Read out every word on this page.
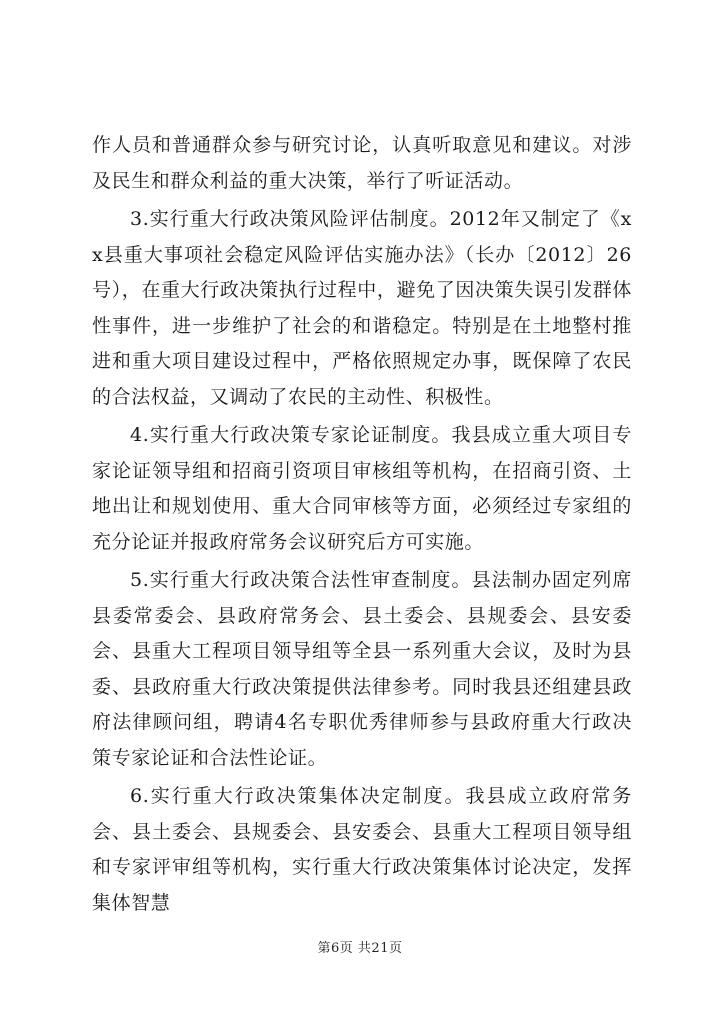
作人员和普通群众参与研究讨论，认真听取意见和建议。对涉及民生和群众利益的重大决策，举行了听证活动。

3.实行重大行政决策风险评估制度。2012年又制定了《xx县重大事项社会稳定风险评估实施办法》（长办〔2012〕26号），在重大行政决策执行过程中，避免了因决策失误引发群体性事件，进一步维护了社会的和谐稳定。特别是在土地整村推进和重大项目建设过程中，严格依照规定办事，既保障了农民的合法权益，又调动了农民的主动性、积极性。

4.实行重大行政决策专家论证制度。我县成立重大项目专家论证领导组和招商引资项目审核组等机构，在招商引资、土地出让和规划使用、重大合同审核等方面，必须经过专家组的充分论证并报政府常务会议研究后方可实施。

5.实行重大行政决策合法性审查制度。县法制办固定列席县委常委会、县政府常务会、县土委会、县规委会、县安委会、县重大工程项目领导组等全县一系列重大会议，及时为县委、县政府重大行政决策提供法律参考。同时我县还组建县政府法律顾问组，聘请4名专职优秀律师参与县政府重大行政决策专家论证和合法性论证。

6.实行重大行政决策集体决定制度。我县成立政府常务会、县土委会、县规委会、县安委会、县重大工程项目领导组和专家评审组等机构，实行重大行政决策集体讨论决定，发挥集体智慧

第6页 共21页
